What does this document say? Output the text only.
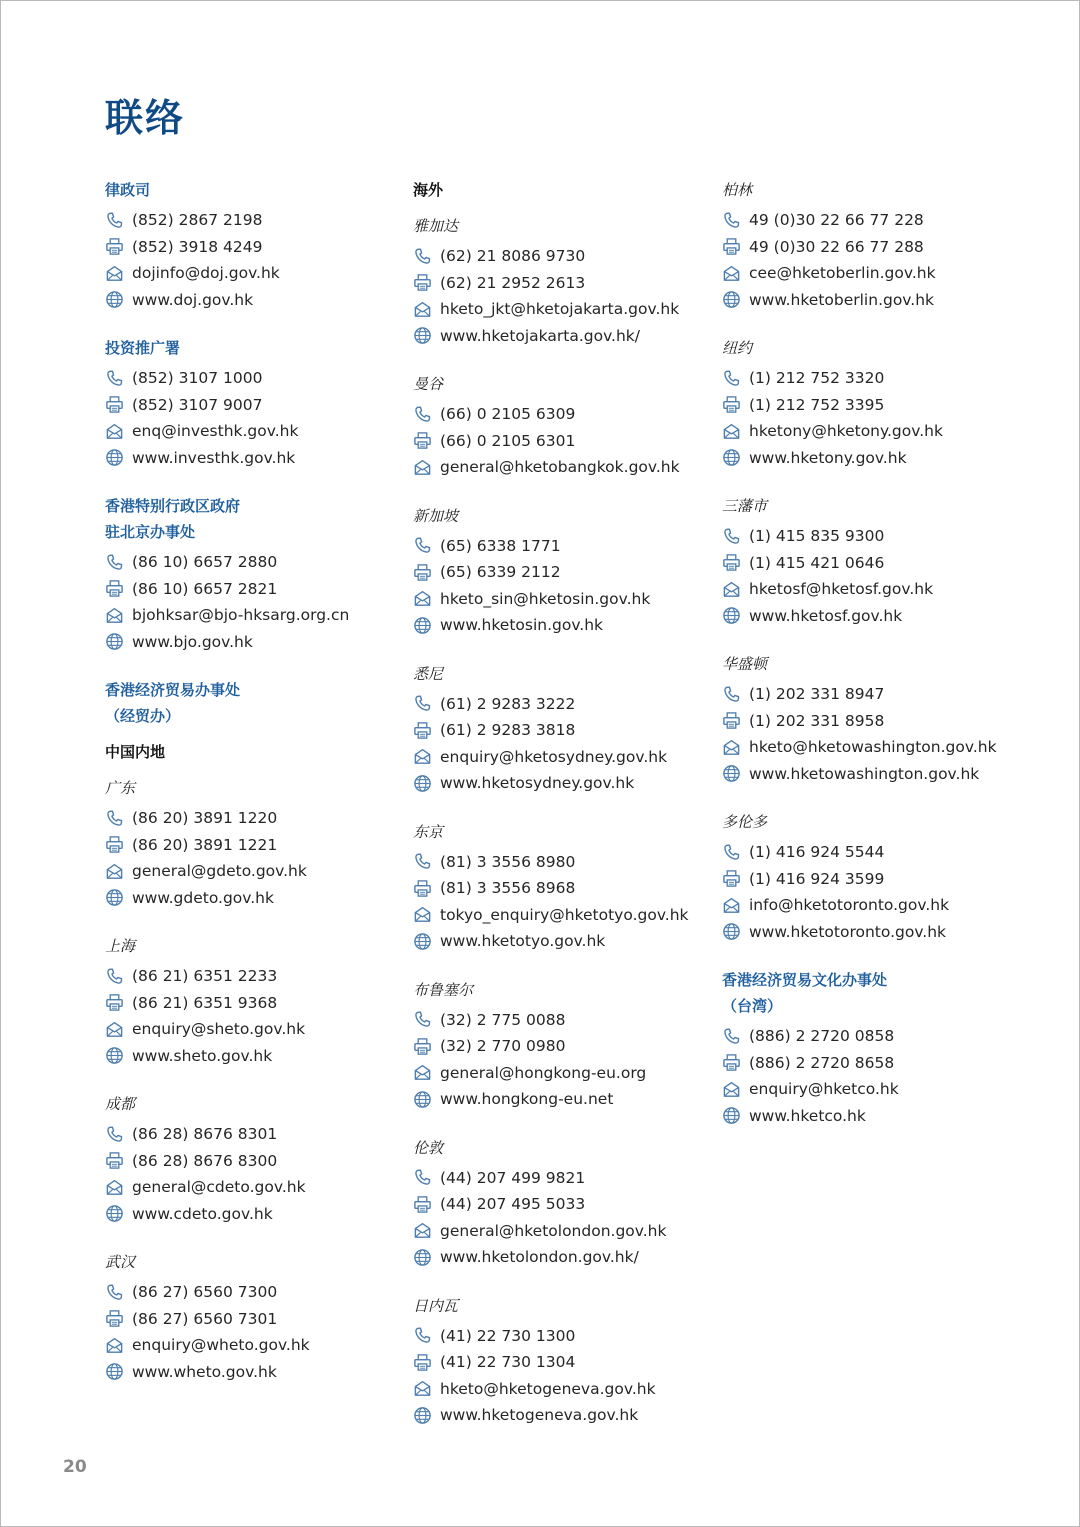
联络

律政司

(852) 2867 2198
(852) 3918 4249
dojinfo@doj.gov.hk
www.doj.gov.hk

投资推广署

(852) 3107 1000
(852) 3107 9007
enq@investhk.gov.hk
www.investhk.gov.hk

香港特别行政区政府

驻北京办事处

(86 10) 6657 2880
(86 10) 6657 2821
bjohksar@bjo-hksarg.org.cn
www.bjo.gov.hk

香港经济贸易办事处

（经贸办）

中国内地

广东

(86 20) 3891 1220
(86 20) 3891 1221
general@gdeto.gov.hk
www.gdeto.gov.hk

上海

(86 21) 6351 2233
(86 21) 6351 9368
enquiry@sheto.gov.hk
www.sheto.gov.hk

成都

(86 28) 8676 8301
(86 28) 8676 8300
general@cdeto.gov.hk
www.cdeto.gov.hk

武汉

(86 27) 6560 7300
(86 27) 6560 7301
enquiry@wheto.gov.hk
www.wheto.gov.hk

海外

雅加达

(62) 21 8086 9730
(62) 21 2952 2613
hketo_jkt@hketojakarta.gov.hk
www.hketojakarta.gov.hk/

曼谷

(66) 0 2105 6309
(66) 0 2105 6301
general@hketobangkok.gov.hk

新加坡

(65) 6338 1771
(65) 6339 2112
hketo_sin@hketosin.gov.hk
www.hketosin.gov.hk

悉尼

(61) 2 9283 3222
(61) 2 9283 3818
enquiry@hketosydney.gov.hk
www.hketosydney.gov.hk

东京

(81) 3 3556 8980
(81) 3 3556 8968
tokyo_enquiry@hketotyo.gov.hk
www.hketotyo.gov.hk

布鲁塞尔

(32) 2 775 0088
(32) 2 770 0980
general@hongkong-eu.org
www.hongkong-eu.net

伦敦

(44) 207 499 9821
(44) 207 495 5033
general@hketolondon.gov.hk
www.hketolondon.gov.hk/

日内瓦

(41) 22 730 1300
(41) 22 730 1304
hketo@hketogeneva.gov.hk
www.hketogeneva.gov.hk

柏林

49 (0)30 22 66 77 228
49 (0)30 22 66 77 288
cee@hketoberlin.gov.hk
www.hketoberlin.gov.hk

纽约

(1) 212 752 3320
(1) 212 752 3395
hketony@hketony.gov.hk
www.hketony.gov.hk

三藩市

(1) 415 835 9300
(1) 415 421 0646
hketosf@hketosf.gov.hk
www.hketosf.gov.hk

华盛顿

(1) 202 331 8947
(1) 202 331 8958
hketo@hketowashington.gov.hk
www.hketowashington.gov.hk

多伦多

(1) 416 924 5544
(1) 416 924 3599
info@hketotoronto.gov.hk
www.hketotoronto.gov.hk

香港经济贸易文化办事处

（台湾）

(886) 2 2720 0858
(886) 2 2720 8658
enquiry@hketco.hk
www.hketco.hk
20
